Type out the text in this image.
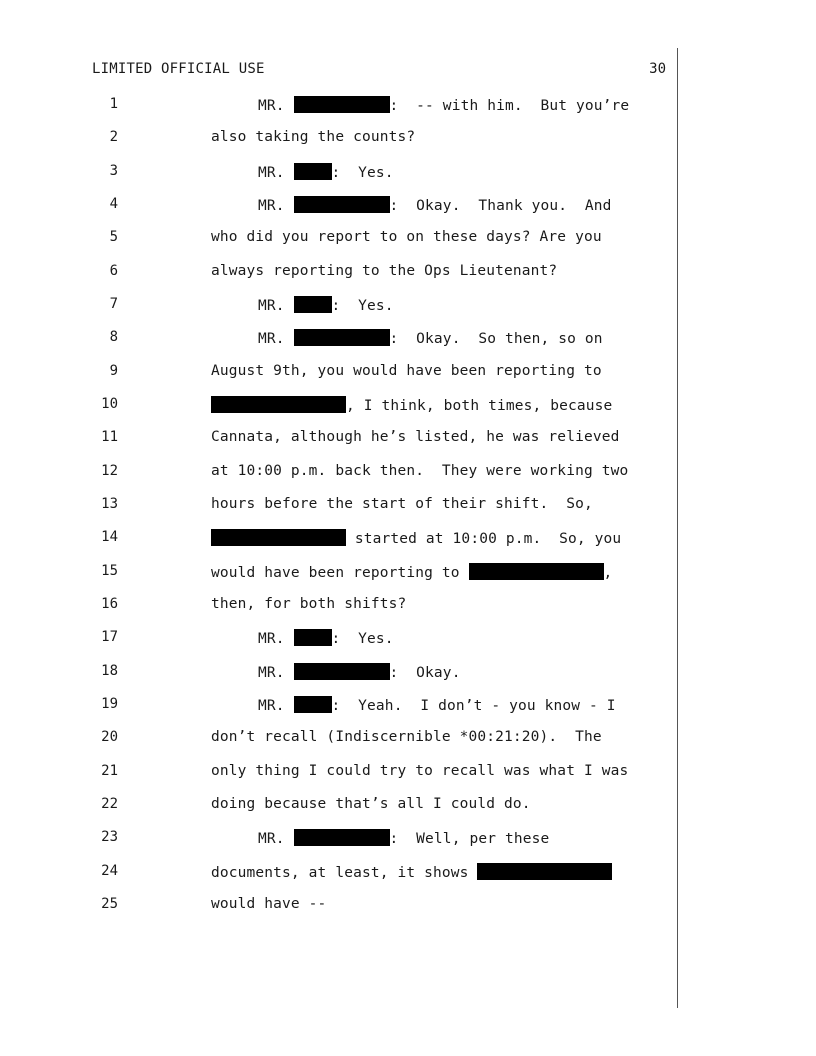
LIMITED OFFICIAL USE	30
1	MR.	:  -- with him.  But you’re
2	also taking the counts?
3	MR.	:  Yes.
4	MR.	:  Okay.  Thank you.  And
5	who did you report to on these days? Are you
6	always reporting to the Ops Lieutenant?
7	MR.	:  Yes.
8	MR.	:  Okay.  So then, so on
9	August 9th, you would have been reporting to
10	, I think, both times, because
11	Cannata, although he’s listed, he was relieved
12	at 10:00 p.m. back then.  They were working two
13	hours before the start of their shift.  So,
14	started at 10:00 p.m.  So, you
15	would have been reporting to	,
16	then, for both shifts?
17	MR.	:  Yes.
18	MR.	:  Okay.
19	MR.	:  Yeah.  I don’t - you know - I
20	don’t recall (Indiscernible *00:21:20).  The
21	only thing I could try to recall was what I was
22	doing because that’s all I could do.
23	MR.	:  Well, per these
24	documents, at least, it shows
25	would have --
